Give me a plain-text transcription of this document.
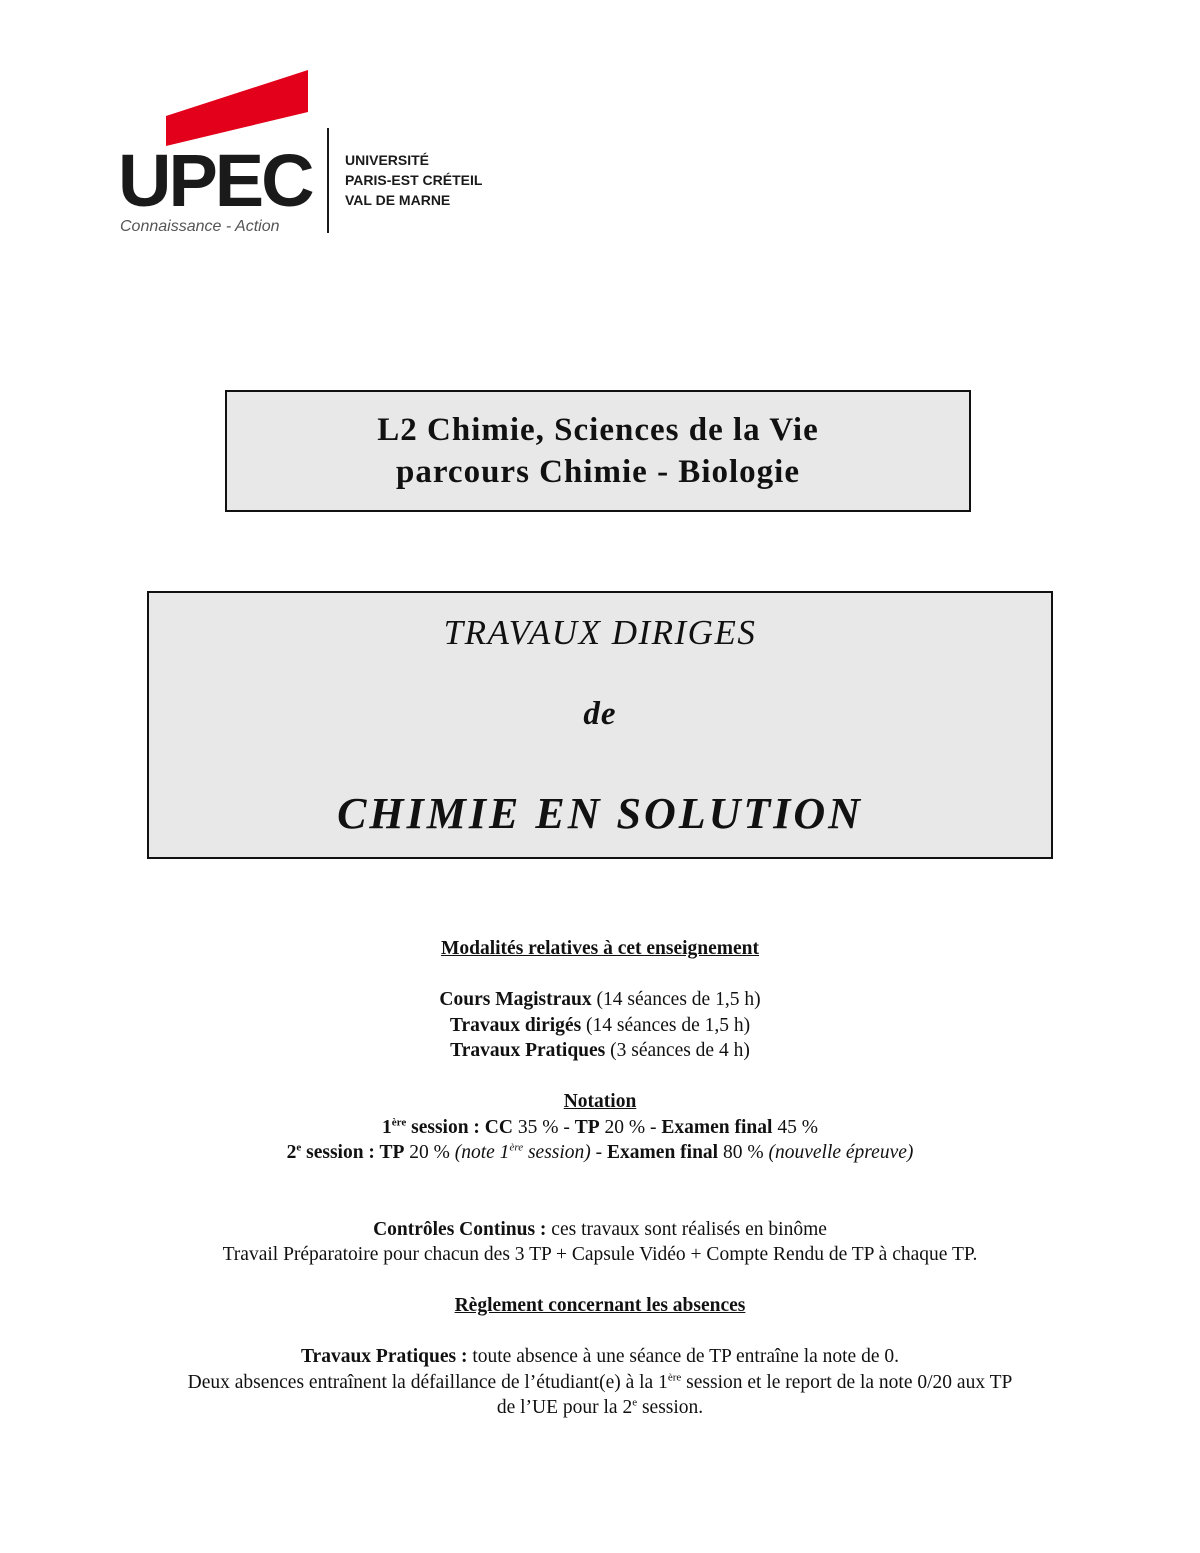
UPEC
Connaissance - Action
UNIVERSITÉ
PARIS-EST CRÉTEIL
VAL DE MARNE
L2 Chimie, Sciences de la Vie
parcours Chimie - Biologie
TRAVAUX DIRIGES
de
CHIMIE EN SOLUTION

Modalités relatives à cet enseignement

Cours Magistraux (14 séances de 1,5 h)

Travaux dirigés (14 séances de 1,5 h)

Travaux Pratiques (3 séances de 4 h)

Notation

1ère session : CC 35 % - TP 20 % - Examen final 45 %

2e session : TP 20 % (note 1ère session) - Examen final 80 % (nouvelle épreuve)

Contrôles Continus : ces travaux sont réalisés en binôme

Travail Préparatoire pour chacun des 3 TP + Capsule Vidéo + Compte Rendu de TP à chaque TP.

Règlement concernant les absences

Travaux Pratiques : toute absence à une séance de TP entraîne la note de 0.

Deux absences entraînent la défaillance de l’étudiant(e) à la 1ère session et le report de la note 0/20 aux TP

de l’UE pour la 2e session.
